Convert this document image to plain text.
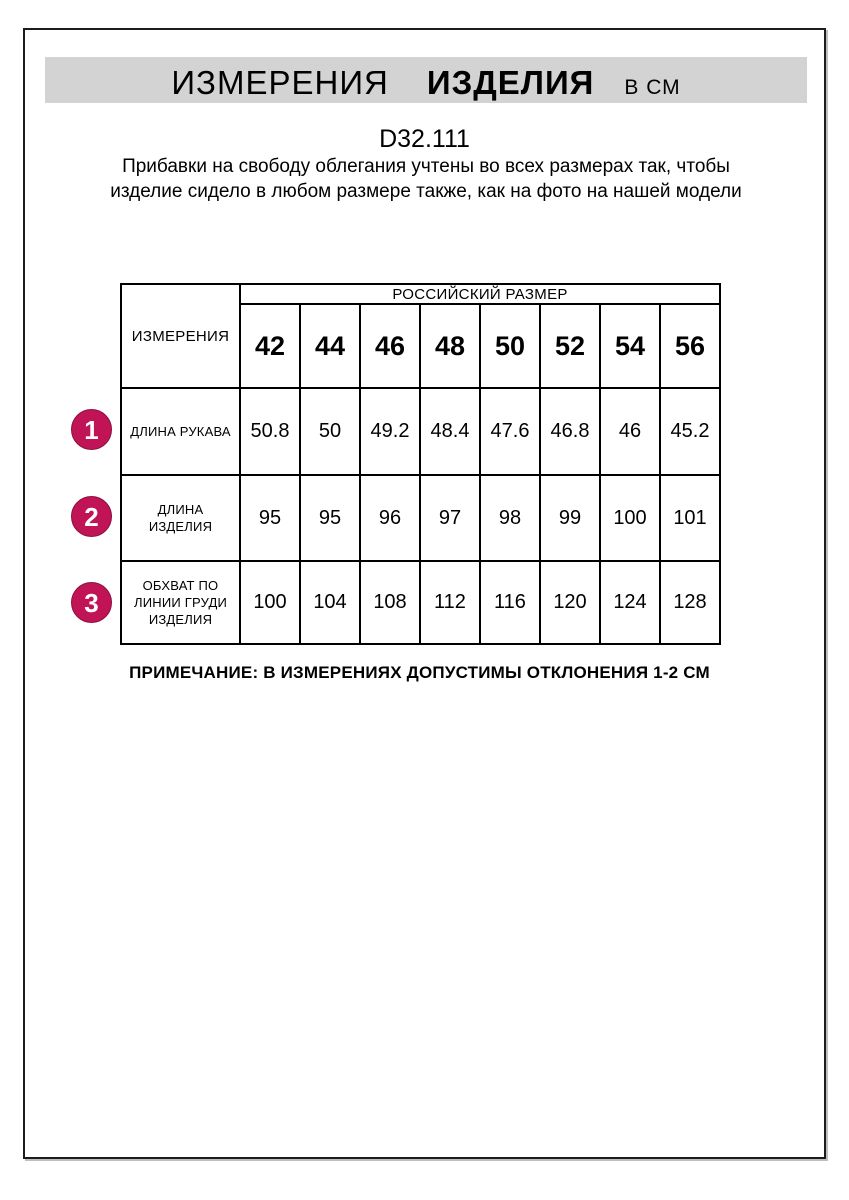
ИЗМЕРЕНИЯ ИЗДЕЛИЯ В СМ
D32.111
Прибавки на свободу облегания учтены во всех размерах так, чтобы изделие сидело в любом размере также, как на фото на нашей модели
ИЗМЕРЕНИЯ	РОССИЙСКИЙ РАЗМЕР							
	42	44	46	48	50	52	54	56
ДЛИНА РУКАВА	50.8	50	49.2	48.4	47.6	46.8	46	45.2
ДЛИНА
ИЗДЕЛИЯ	95	95	96	97	98	99	100	101
ОБХВАТ ПО
ЛИНИИ ГРУДИ
ИЗДЕЛИЯ	100	104	108	112	116	120	124	128
1
2
3
ПРИМЕЧАНИЕ: В ИЗМЕРЕНИЯХ ДОПУСТИМЫ ОТКЛОНЕНИЯ 1-2 СМ
